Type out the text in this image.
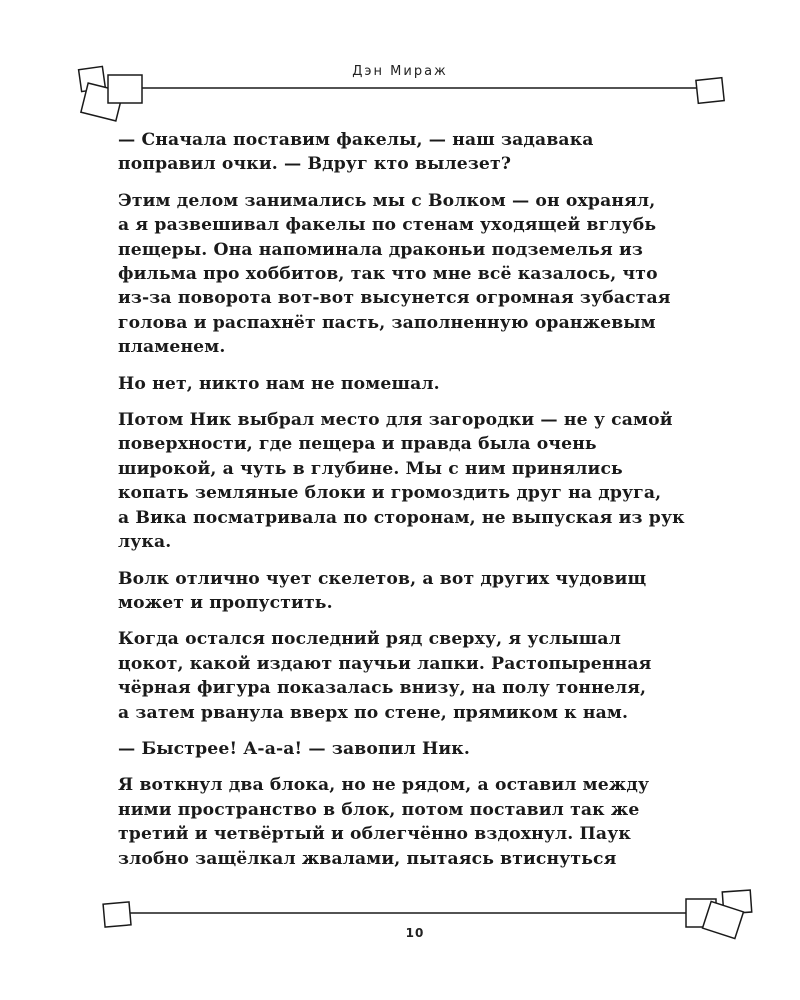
Дэн Мираж

— Сначала поставим факелы, — наш задавака
поправил очки. — Вдруг кто вылезет?

Этим делом занимались мы с Волком — он охранял,
а я развешивал факелы по стенам уходящей вглубь
пещеры. Она напоминала драконьи подземелья из
фильма про хоббитов, так что мне всё казалось, что
из-за поворота вот-вот высунется огромная зубастая
голова и распахнёт пасть, заполненную оранжевым
пламенем.

Но нет, никто нам не помешал.

Потом Ник выбрал место для загородки — не у самой
поверхности, где пещера и правда была очень
широкой, а чуть в глубине. Мы с ним принялись
копать земляные блоки и громоздить друг на друга,
а Вика посматривала по сторонам, не выпуская из рук
лука.

Волк отлично чует скелетов, а вот других чудовищ
может и пропустить.

Когда остался последний ряд сверху, я услышал
цокот, какой издают паучьи лапки. Растопыренная
чёрная фигура показалась внизу, на полу тоннеля,
а затем рванула вверх по стене, прямиком к нам.

— Быстрее! А-а-а! — завопил Ник.

Я воткнул два блока, но не рядом, а оставил между
ними пространство в блок, потом поставил так же
третий и четвёртый и облегчённо вздохнул. Паук
злобно защёлкал жвалами, пытаясь втиснуться

10
